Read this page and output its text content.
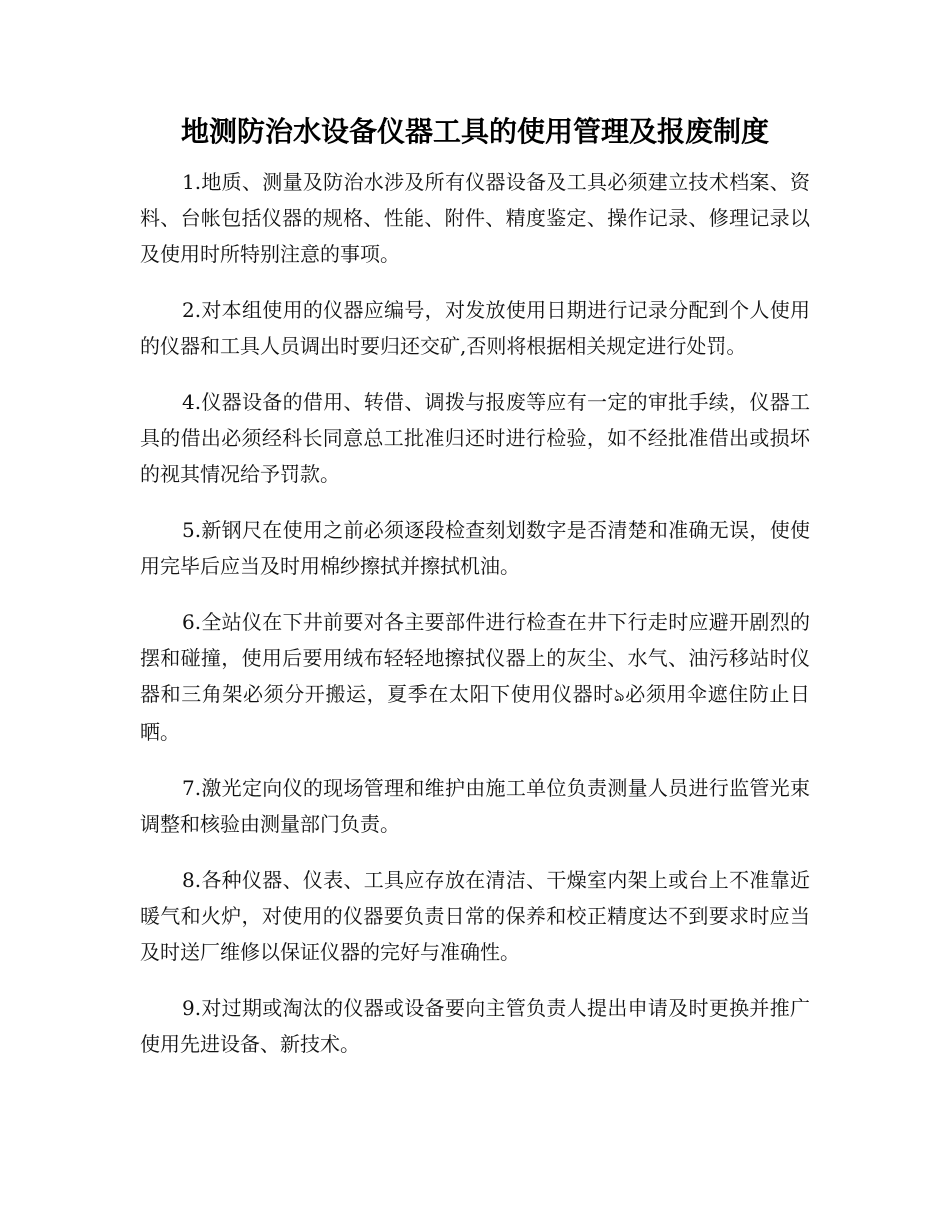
地测防治水设备仪器工具的使用管理及报废制度

1.地质、测量及防治水涉及所有仪器设备及工具必须建立技术档案、资料、台帐包括仪器的规格、性能、附件、精度鉴定、操作记录、修理记录以及使用时所特别注意的事项。

2.对本组使用的仪器应编号，对发放使用日期进行记录分配到个人使用的仪器和工具人员调出时要归还交矿,否则将根据相关规定进行处罚。

4.仪器设备的借用、转借、调拨与报废等应有一定的审批手续，仪器工具的借出必须经科长同意总工批准归还时进行检验，如不经批准借出或损坏的视其情况给予罚款。

5.新钢尺在使用之前必须逐段检查刻划数字是否清楚和准确无误，使使用完毕后应当及时用棉纱擦拭并擦拭机油。

6.全站仪在下井前要对各主要部件进行检查在井下行走时应避开剧烈的摆和碰撞，使用后要用绒布轻轻地擦拭仪器上的灰尘、水气、油污移站时仪器和三角架必须分开搬运，夏季在太阳下使用仪器时ঌ必须用伞遮住防止日晒。

7.激光定向仪的现场管理和维护由施工单位负责测量人员进行监管光束调整和核验由测量部门负责。

8.各种仪器、仪表、工具应存放在清洁、干燥室内架上或台上不准靠近暖气和火炉，对使用的仪器要负责日常的保养和校正精度达不到要求时应当及时送厂维修以保证仪器的完好与准确性。

9.对过期或淘汰的仪器或设备要向主管负责人提出申请及时更换并推广使用先进设备、新技术。
